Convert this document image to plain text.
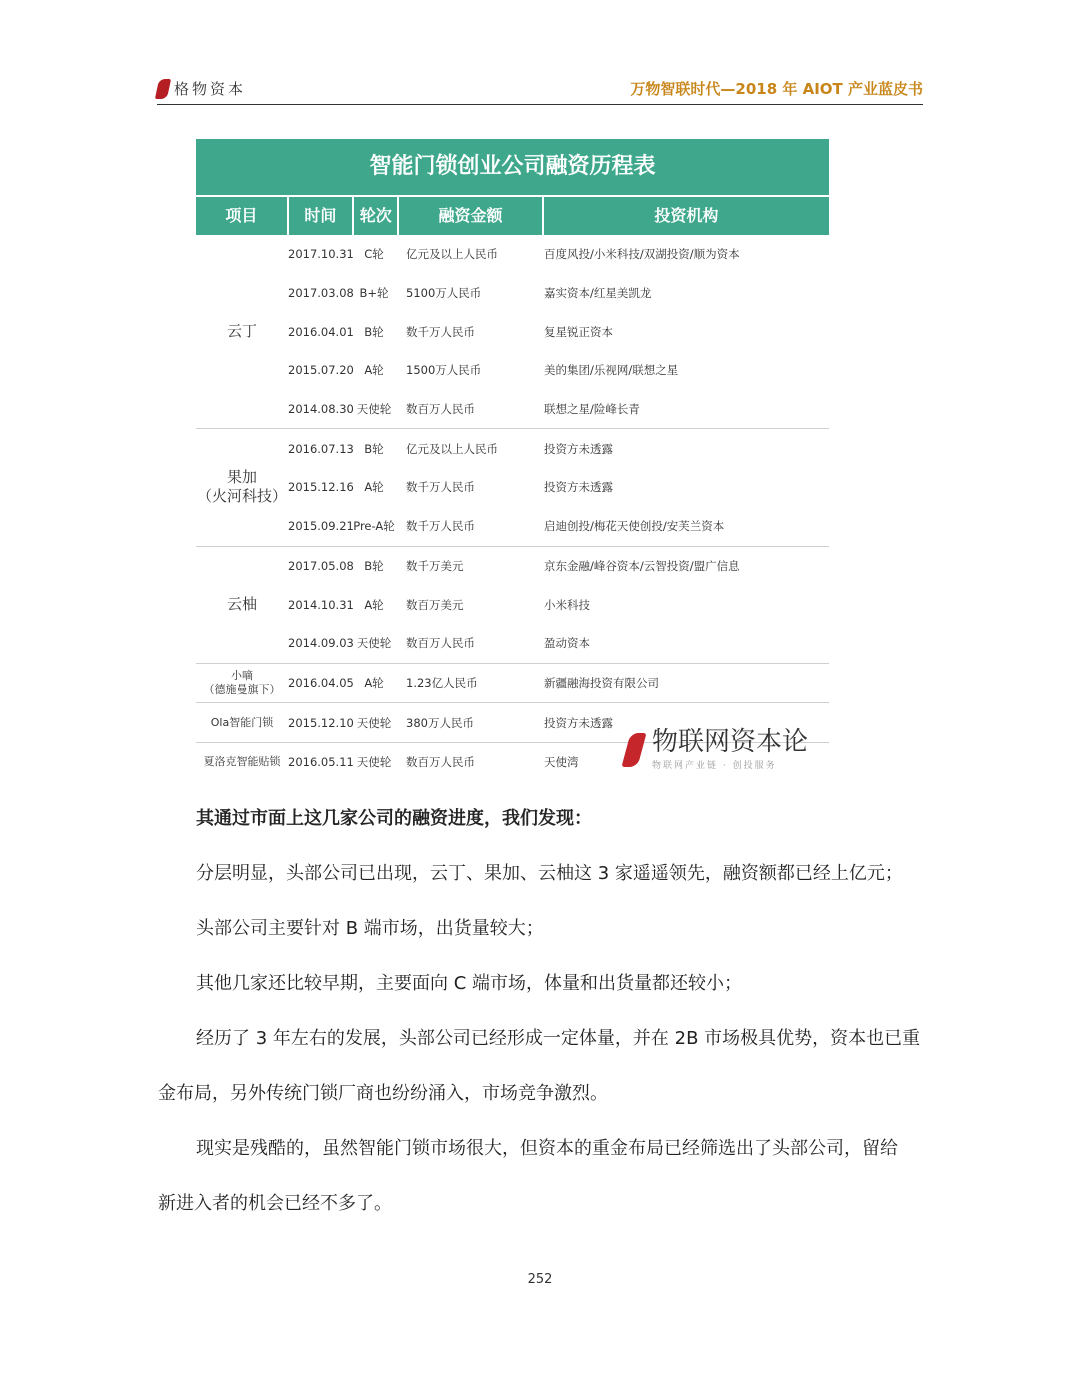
格物资本	万物智联时代—2018 年 AIOT 产业蓝皮书
智能门锁创业公司融资历程表
项目	时间	轮次	融资金额	投资机构
云丁
2017.10.31 C轮	亿元及以上人民币	百度风投/小米科技/双湖投资/顺为资本
2017.03.08 B+轮	5100万人民币	嘉实资本/红星美凯龙
2016.04.01 B轮	数千万人民币	复星锐正资本
2015.07.20 A轮	1500万人民币	美的集团/乐视网/联想之星
2014.08.30 天使轮	数百万人民币	联想之星/险峰长青
果加
（火河科技）
2016.07.13 B轮	亿元及以上人民币	投资方未透露
2015.12.16 A轮	数千万人民币	投资方未透露
2015.09.21 Pre-A轮 数千万人民币	启迪创投/梅花天使创投/安芙兰资本
云柚
2017.05.08 B轮	数千万美元	京东金融/峰谷资本/云智投资/盟广信息
2014.10.31 A轮	数百万美元	小米科技
2014.09.03 天使轮	数百万人民币	盈动资本
小嘀
（德施曼旗下） 2016.04.05 A轮	1.23亿人民币	新疆融海投资有限公司
Ola智能门锁	2015.12.10 天使轮	380万人民币	投资方未透露
夏洛克智能贴锁 2016.05.11 天使轮	数百万人民币	天使湾
物联网资本论
物联网产业链 · 创投服务
其通过市面上这几家公司的融资进度，我们发现：
分层明显，头部公司已出现，云丁、果加、云柚这 3 家遥遥领先，融资额都已经上亿元；
头部公司主要针对 B 端市场，出货量较大；
其他几家还比较早期，主要面向 C 端市场，体量和出货量都还较小；
经历了 3 年左右的发展，头部公司已经形成一定体量，并在 2B 市场极具优势，资本也已重
金布局，另外传统门锁厂商也纷纷涌入，市场竞争激烈。
现实是残酷的，虽然智能门锁市场很大，但资本的重金布局已经筛选出了头部公司，留给
新进入者的机会已经不多了。
252
